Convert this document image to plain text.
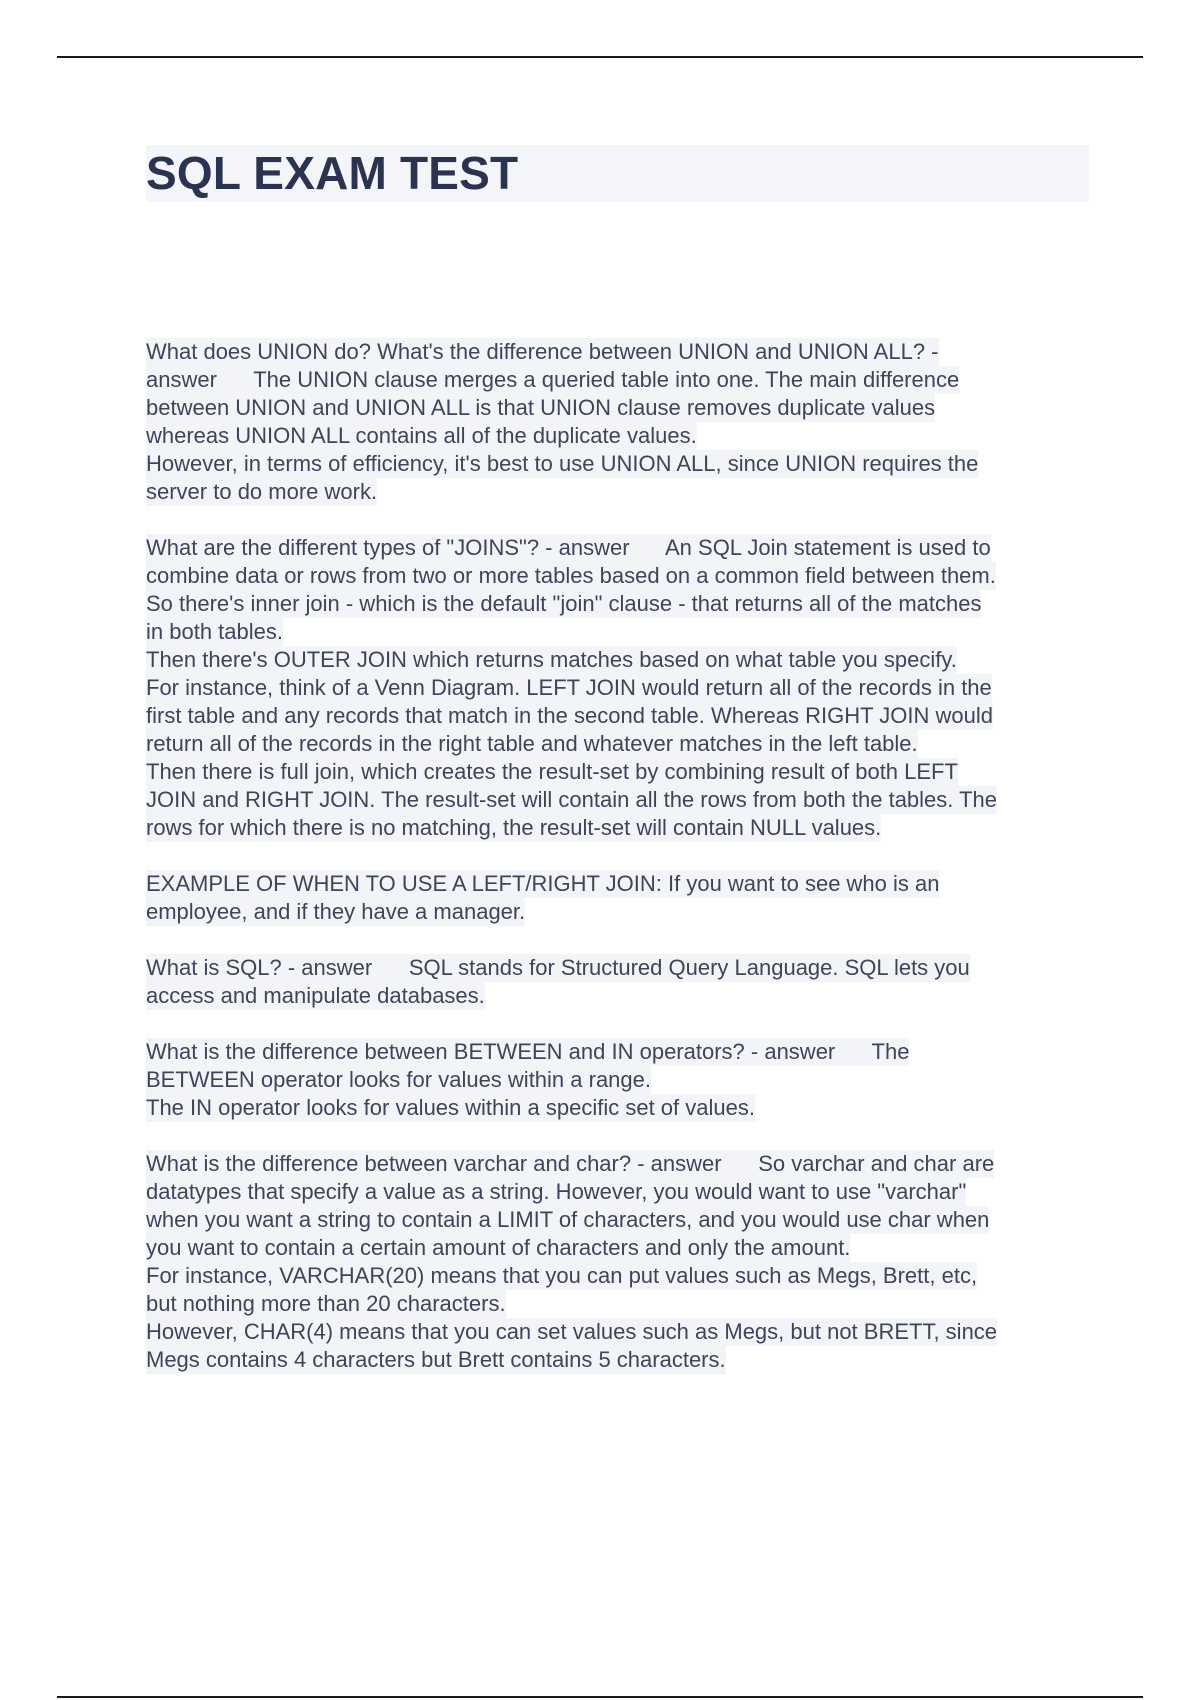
SQL EXAM TEST
What does UNION do? What's the difference between UNION and UNION ALL? -
answer      The UNION clause merges a queried table into one. The main difference
between UNION and UNION ALL is that UNION clause removes duplicate values
whereas UNION ALL contains all of the duplicate values.
However, in terms of efficiency, it's best to use UNION ALL, since UNION requires the
server to do more work.
What are the different types of "JOINS"? - answer      An SQL Join statement is used to
combine data or rows from two or more tables based on a common field between them.
So there's inner join - which is the default "join" clause - that returns all of the matches
in both tables.
Then there's OUTER JOIN which returns matches based on what table you specify.
For instance, think of a Venn Diagram. LEFT JOIN would return all of the records in the
first table and any records that match in the second table. Whereas RIGHT JOIN would
return all of the records in the right table and whatever matches in the left table.
Then there is full join, which creates the result-set by combining result of both LEFT
JOIN and RIGHT JOIN. The result-set will contain all the rows from both the tables. The
rows for which there is no matching, the result-set will contain NULL values.
EXAMPLE OF WHEN TO USE A LEFT/RIGHT JOIN: If you want to see who is an
employee, and if they have a manager.
What is SQL? - answer      SQL stands for Structured Query Language. SQL lets you
access and manipulate databases.
What is the difference between BETWEEN and IN operators? - answer      The
BETWEEN operator looks for values within a range.
The IN operator looks for values within a specific set of values.
What is the difference between varchar and char? - answer      So varchar and char are
datatypes that specify a value as a string. However, you would want to use "varchar"
when you want a string to contain a LIMIT of characters, and you would use char when
you want to contain a certain amount of characters and only the amount.
For instance, VARCHAR(20) means that you can put values such as Megs, Brett, etc,
but nothing more than 20 characters.
However, CHAR(4) means that you can set values such as Megs, but not BRETT, since
Megs contains 4 characters but Brett contains 5 characters.
